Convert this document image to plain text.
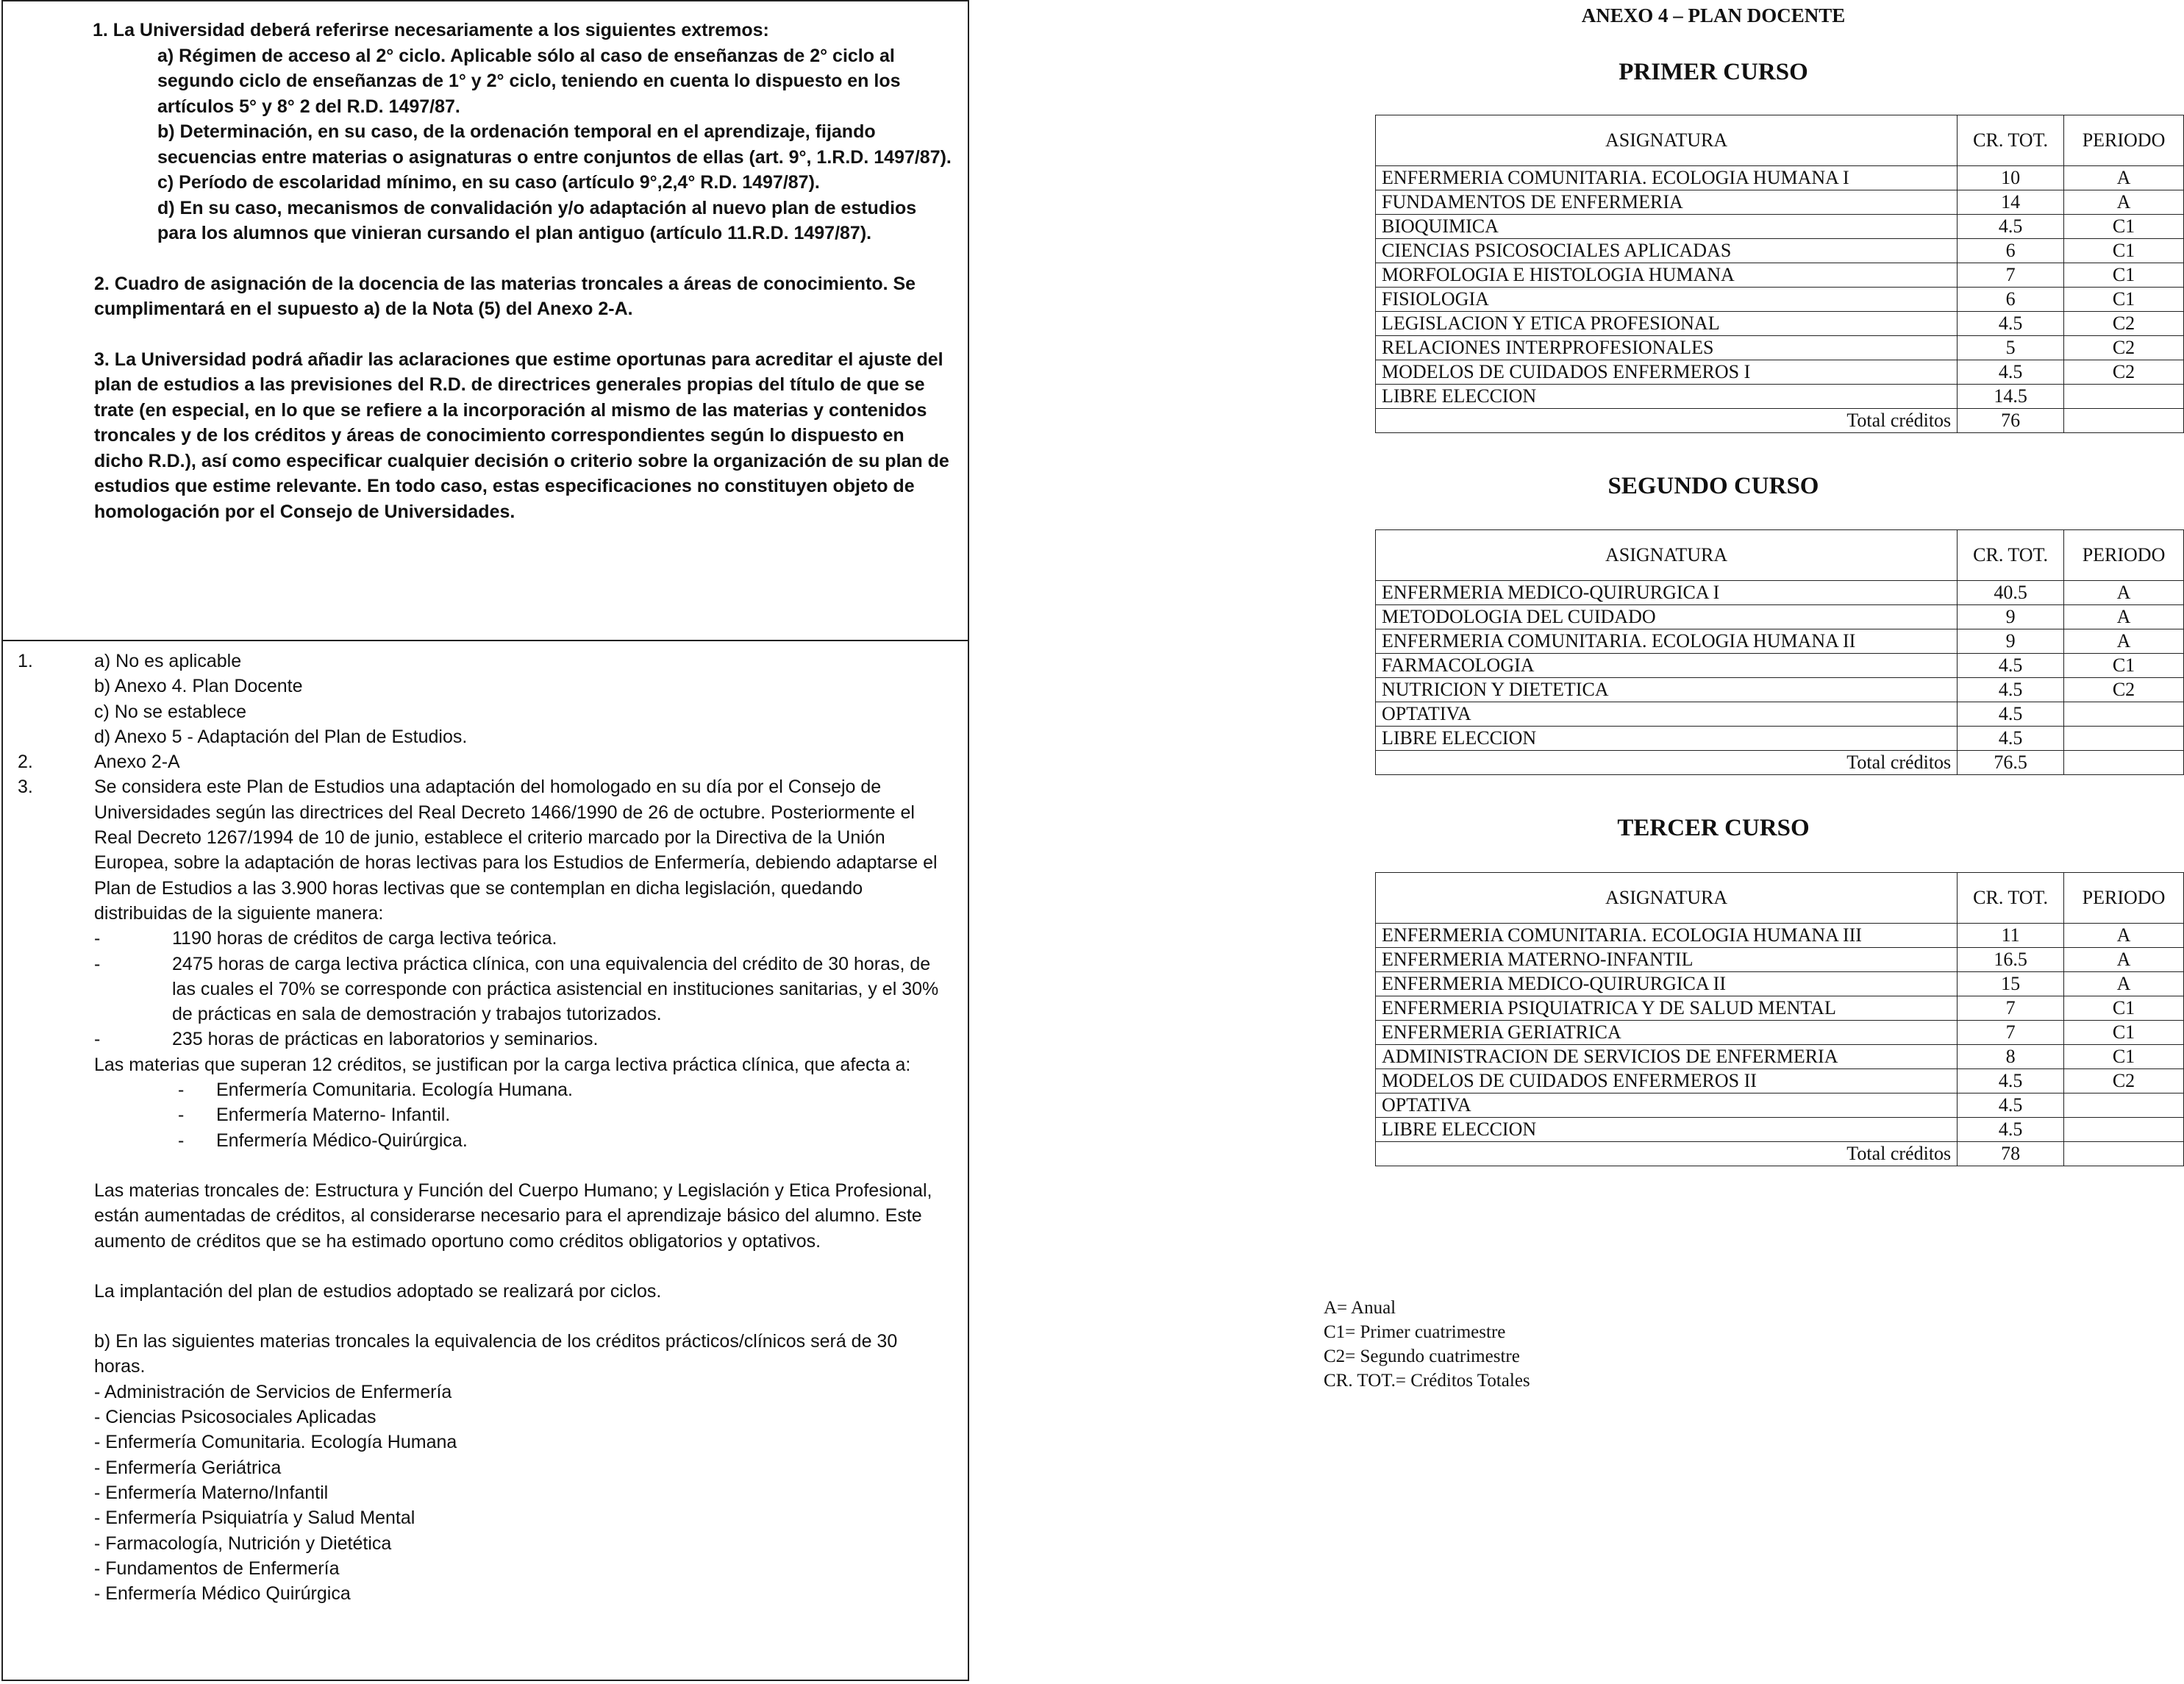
1. La Universidad deberá referirse necesariamente a los siguientes extremos:

a) Régimen de acceso al 2° ciclo. Aplicable sólo al caso de enseñanzas de 2° ciclo al segundo ciclo de enseñanzas de 1° y 2° ciclo, teniendo en cuenta lo dispuesto en los artículos 5° y 8° 2 del R.D. 1497/87.

b) Determinación, en su caso, de la ordenación temporal en el aprendizaje, fijando secuencias entre materias o asignaturas o entre conjuntos de ellas (art. 9°, 1.R.D. 1497/87).

c) Período de escolaridad mínimo, en su caso (artículo 9°,2,4° R.D. 1497/87).

d) En su caso, mecanismos de convalidación y/o adaptación al nuevo plan de estudios para los alumnos que vinieran cursando el plan antiguo (artículo 11.R.D. 1497/87).

2. Cuadro de asignación de la docencia de las materias troncales a áreas de conocimiento. Se cumplimentará en el supuesto a) de la Nota (5) del Anexo 2-A.

3. La Universidad podrá añadir las aclaraciones que estime oportunas para acreditar el ajuste del plan de estudios a las previsiones del R.D. de directrices generales propias del título de que se trate (en especial, en lo que se refiere a la incorporación al mismo de las materias y contenidos troncales y de los créditos y áreas de conocimiento correspondientes según lo dispuesto en dicho R.D.), así como especificar cualquier decisión o criterio sobre la organización de su plan de estudios que estime relevante. En todo caso, estas especificaciones no constituyen objeto de homologación por el Consejo de Universidades.

1.	a) No es aplicable
b) Anexo 4. Plan Docente
c) No se establece
d) Anexo 5 - Adaptación del Plan de Estudios.
2.	Anexo 2-A
3.	Se considera este Plan de Estudios una adaptación del homologado en su día por el Consejo de Universidades según las directrices del Real Decreto 1466/1990 de 26 de octubre. Posteriormente el Real Decreto 1267/1994 de 10 de junio, establece el criterio marcado por la Directiva de la Unión Europea, sobre la adaptación de horas lectivas para los Estudios de Enfermería, debiendo adaptarse el Plan de Estudios a las 3.900 horas lectivas que se contemplan en dicha legislación, quedando distribuidas de la siguiente manera:
-	1190 horas de créditos de carga lectiva teórica.
-	2475 horas de carga lectiva práctica clínica, con una equivalencia del crédito de 30 horas, de las cuales el 70% se corresponde con práctica asistencial en instituciones sanitarias, y el 30% de prácticas en sala de demostración y trabajos tutorizados.
-	235 horas de prácticas en laboratorios y seminarios.
Las materias que superan 12 créditos, se justifican por la carga lectiva práctica clínica, que afecta a:
- Enfermería Comunitaria. Ecología Humana.
- Enfermería Materno- Infantil.
- Enfermería Médico-Quirúrgica.
Las materias troncales de: Estructura y Función del Cuerpo Humano; y Legislación y Etica Profesional, están aumentadas de créditos, al considerarse necesario para el aprendizaje básico del alumno. Este aumento de créditos que se ha estimado oportuno como créditos obligatorios y optativos.
La implantación del plan de estudios adoptado se realizará por ciclos.
b) En las siguientes materias troncales la equivalencia de los créditos prácticos/clínicos será de 30 horas.
- Administración de Servicios de Enfermería
- Ciencias Psicosociales Aplicadas
- Enfermería Comunitaria. Ecología Humana
- Enfermería Geriátrica
- Enfermería Materno/Infantil
- Enfermería Psiquiatría y Salud Mental
- Farmacología, Nutrición y Dietética
- Fundamentos de Enfermería
- Enfermería Médico Quirúrgica
ANEXO 4 – PLAN DOCENTE
PRIMER CURSO
ASIGNATURA	CR. TOT.	PERIODO
ENFERMERIA COMUNITARIA. ECOLOGIA HUMANA I	10	A
FUNDAMENTOS DE ENFERMERIA	14	A
BIOQUIMICA	4.5	C1
CIENCIAS PSICOSOCIALES APLICADAS	6	C1
MORFOLOGIA E HISTOLOGIA HUMANA	7	C1
FISIOLOGIA	6	C1
LEGISLACION Y ETICA PROFESIONAL	4.5	C2
RELACIONES INTERPROFESIONALES	5	C2
MODELOS DE CUIDADOS ENFERMEROS I	4.5	C2
LIBRE ELECCION	14.5	
Total créditos	76	
SEGUNDO CURSO
ASIGNATURA	CR. TOT.	PERIODO
ENFERMERIA MEDICO-QUIRURGICA I	40.5	A
METODOLOGIA DEL CUIDADO	9	A
ENFERMERIA COMUNITARIA. ECOLOGIA HUMANA II	9	A
FARMACOLOGIA	4.5	C1
NUTRICION Y DIETETICA	4.5	C2
OPTATIVA	4.5	
LIBRE ELECCION	4.5	
Total créditos	76.5	
TERCER CURSO
ASIGNATURA	CR. TOT.	PERIODO
ENFERMERIA COMUNITARIA. ECOLOGIA HUMANA III	11	A
ENFERMERIA MATERNO-INFANTIL	16.5	A
ENFERMERIA MEDICO-QUIRURGICA II	15	A
ENFERMERIA PSIQUIATRICA Y DE SALUD MENTAL	7	C1
ENFERMERIA GERIATRICA	7	C1
ADMINISTRACION DE SERVICIOS DE ENFERMERIA	8	C1
MODELOS DE CUIDADOS ENFERMEROS II	4.5	C2
OPTATIVA	4.5	
LIBRE ELECCION	4.5	
Total créditos	78	
A= Anual
C1= Primer cuatrimestre
C2= Segundo cuatrimestre
CR. TOT.= Créditos Totales
